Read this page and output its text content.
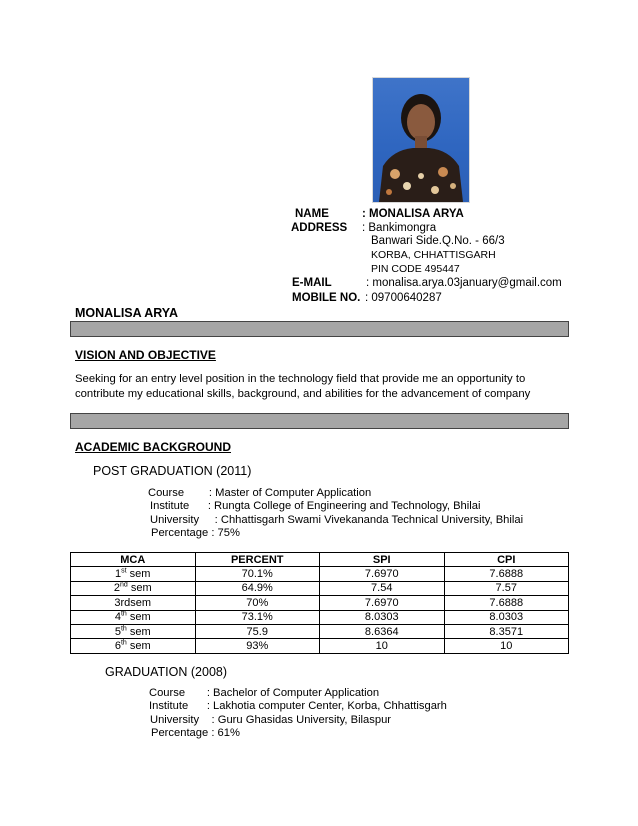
NAME	: MONALISA ARYA
ADDRESS : Bankimongra
Banwari Side.Q.No. - 66/3
KORBA, CHHATTISGARH
PIN CODE 495447
E-MAIL	: monalisa.arya.03january@gmail.com
MOBILE NO. : 09700640287
MONALISA ARYA
VISION AND OBJECTIVE
Seeking for an entry level position in the technology field that provide me an opportunity to contribute my educational skills, background, and abilities for the advancement of company
ACADEMIC BACKGROUND
POST GRADUATION (2011)
Course        : Master of Computer Application
Institute      : Rungta College of Engineering and Technology, Bhilai
University     : Chhattisgarh Swami Vivekananda Technical University, Bhilai
Percentage : 75%
MCA	PERCENT	SPI	CPI
1st sem	70.1%	7.6970	7.6888
2nd sem	64.9%	7.54	7.57
3rdsem	70%	7.6970	7.6888
4th sem	73.1%	8.0303	8.0303
5th sem	75.9	8.6364	8.3571
6th sem	93%	10	10
GRADUATION (2008)
Course       : Bachelor of Computer Application
Institute      : Lakhotia computer Center, Korba, Chhattisgarh
University    : Guru Ghasidas University, Bilaspur
Percentage : 61%
